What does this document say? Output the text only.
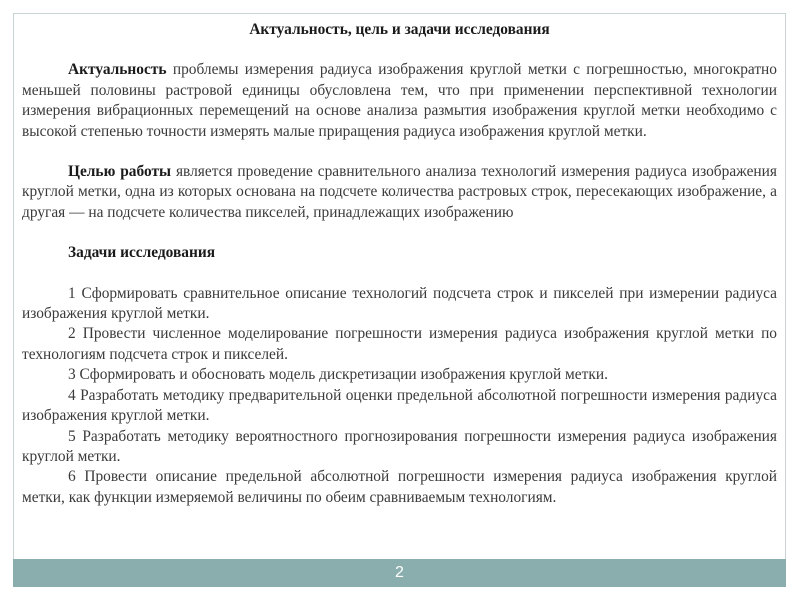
Актуальность, цель и задачи исследования

Актуальность проблемы измерения радиуса изображения круглой метки с погрешностью, многократно меньшей половины растровой единицы обусловлена тем, что при применении перспективной технологии измерения вибрационных перемещений на основе анализа размытия изображения круглой метки необходимо с высокой степенью точности измерять малые приращения радиуса изображения круглой метки.

Целью работы является проведение сравнительного анализа технологий измерения радиуса изображения круглой метки, одна из которых основана на подсчете количества растровых строк, пересекающих изображение, а другая — на подсчете количества пикселей, принадлежащих изображению

Задачи исследования
1 Сформировать сравнительное описание технологий подсчета строк и пикселей при измерении радиуса изображения круглой метки.
2 Провести численное моделирование погрешности измерения радиуса изображения круглой метки по технологиям подсчета строк и пикселей.
3 Сформировать и обосновать модель дискретизации изображения круглой метки.
4 Разработать методику предварительной оценки предельной абсолютной погрешности измерения радиуса изображения круглой метки.
5 Разработать методику вероятностного прогнозирования погрешности измерения радиуса изображения круглой метки.
6 Провести описание предельной абсолютной погрешности измерения радиуса изображения круглой метки, как функции измеряемой величины по обеим сравниваемым технологиям.
2
